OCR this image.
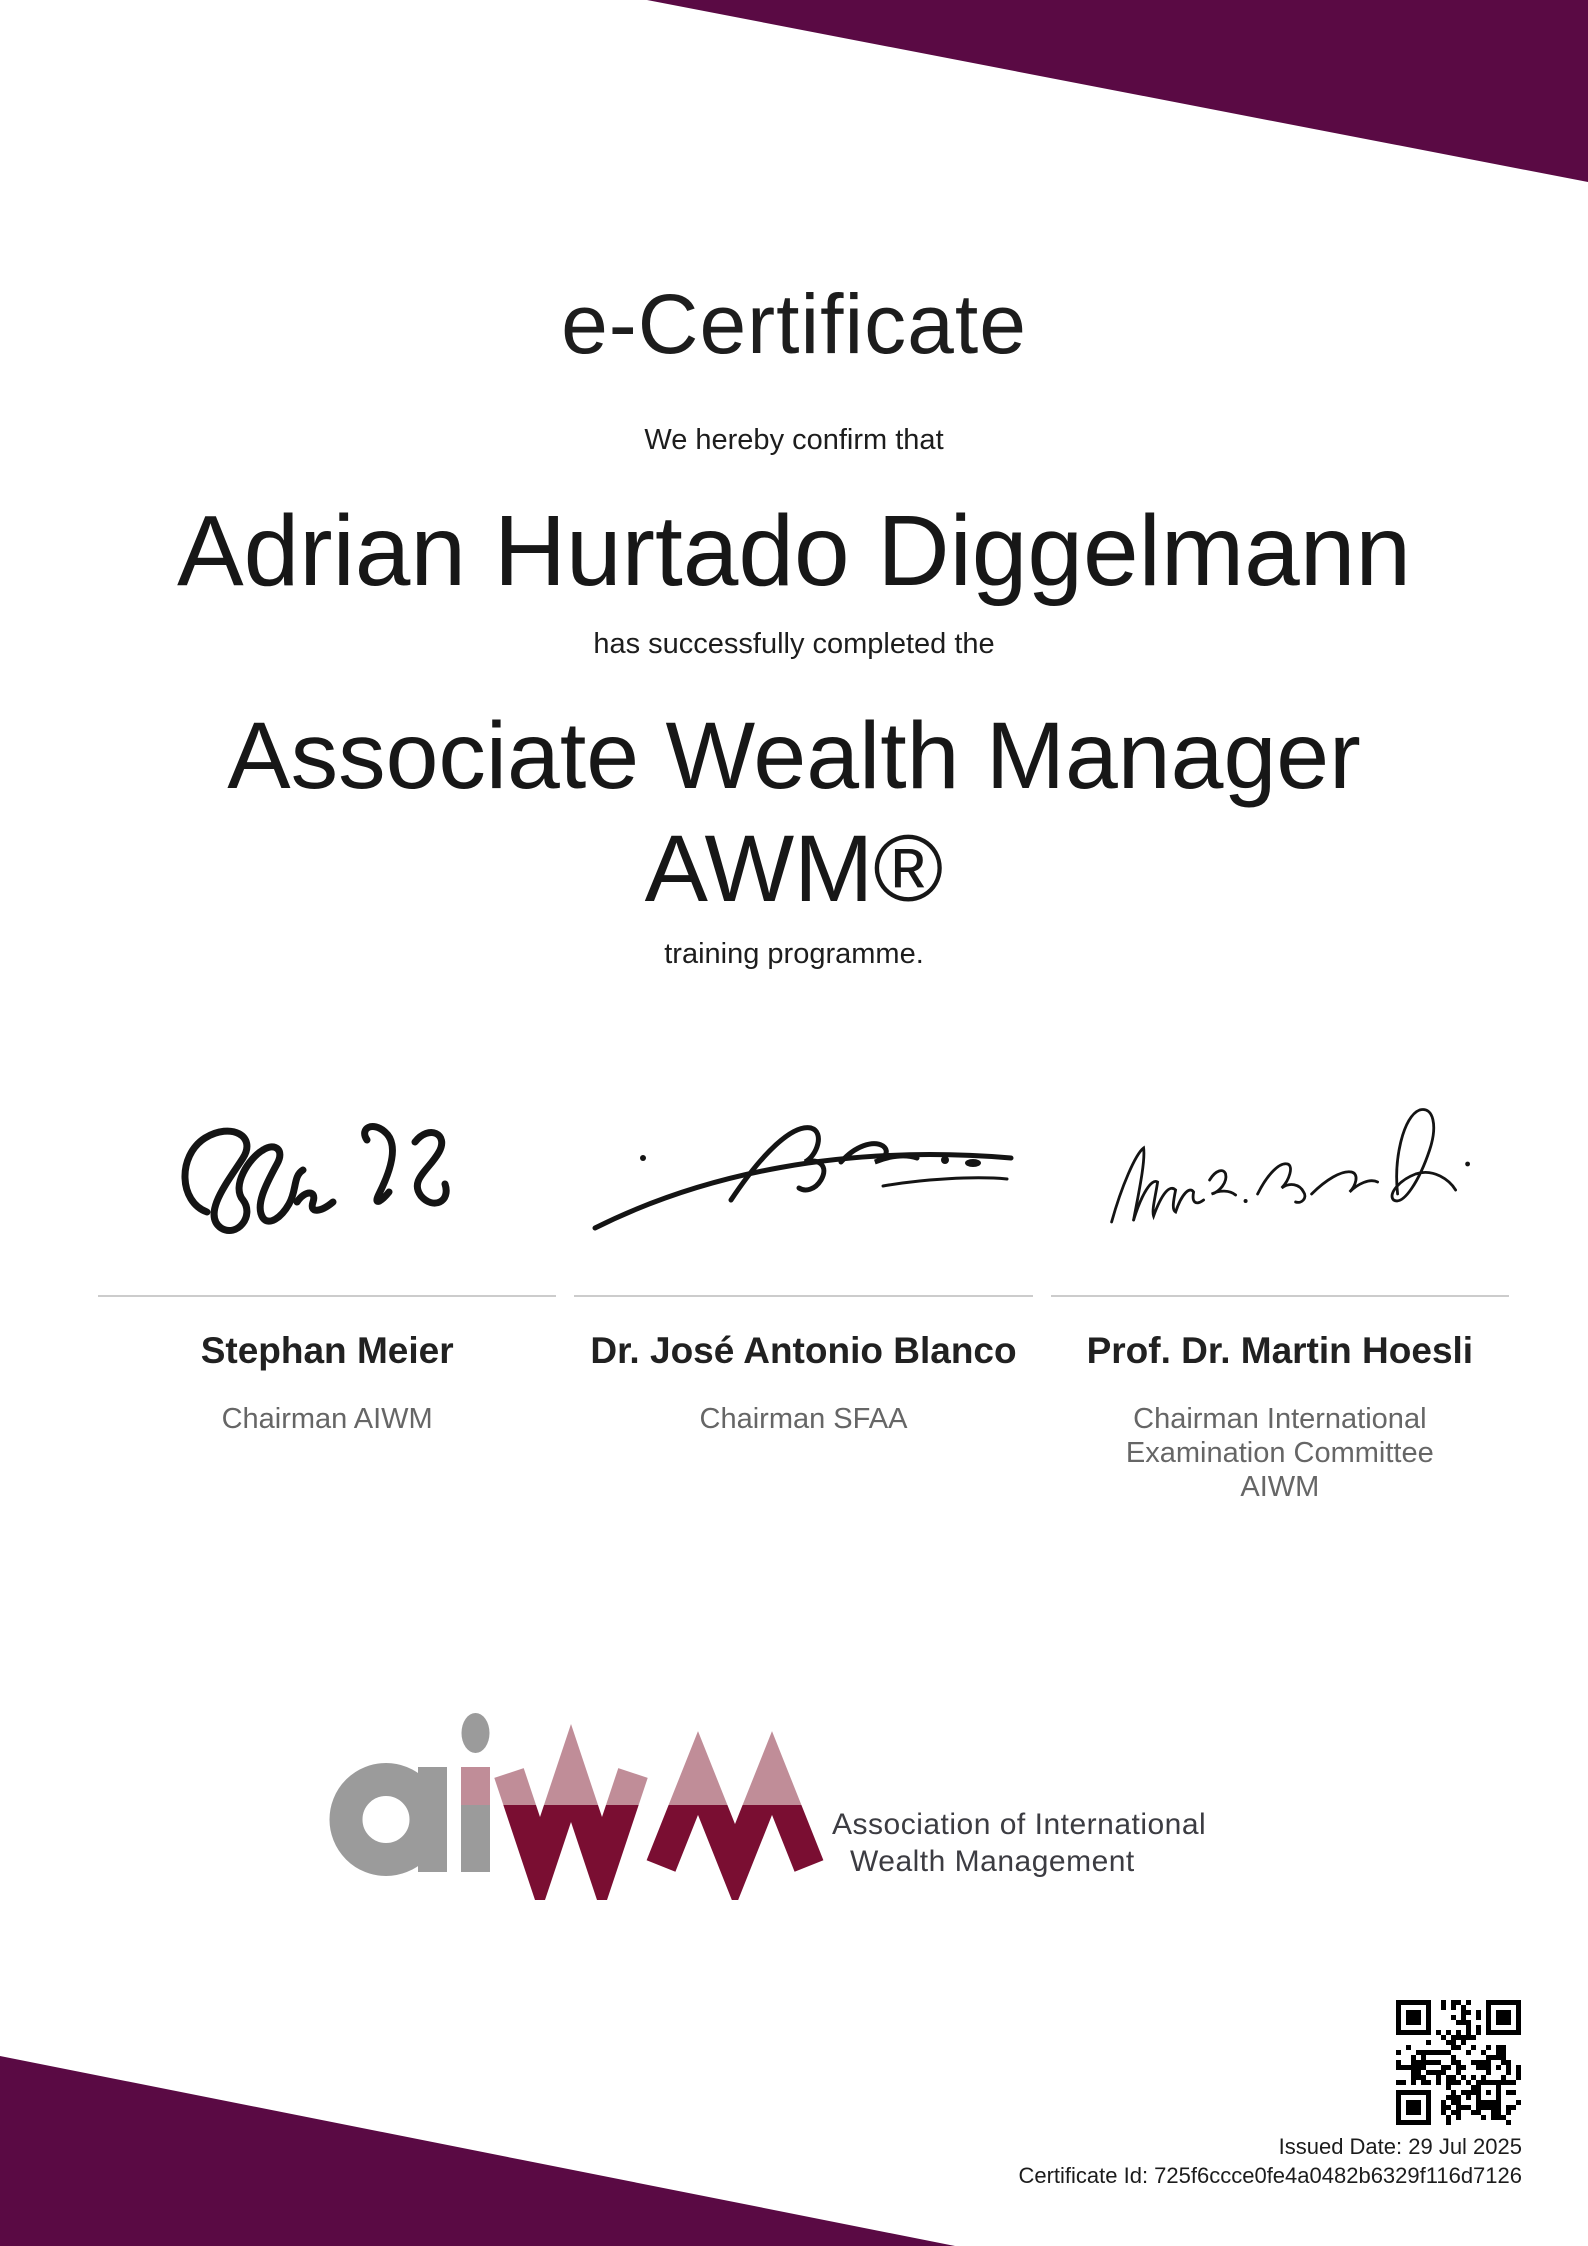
e-Certificate
We hereby confirm that
Adrian Hurtado Diggelmann
has successfully completed the
Associate Wealth Manager
AWM®
training programme.
Stephan Meier
Chairman AIWM
Dr. José Antonio Blanco
Chairman SFAA
Prof. Dr. Martin Hoesli
Chairman International Examination Committee AIWM
Association of International
Wealth Management
Issued Date: 29 Jul 2025
Certificate Id: 725f6ccce0fe4a0482b6329f116d7126
